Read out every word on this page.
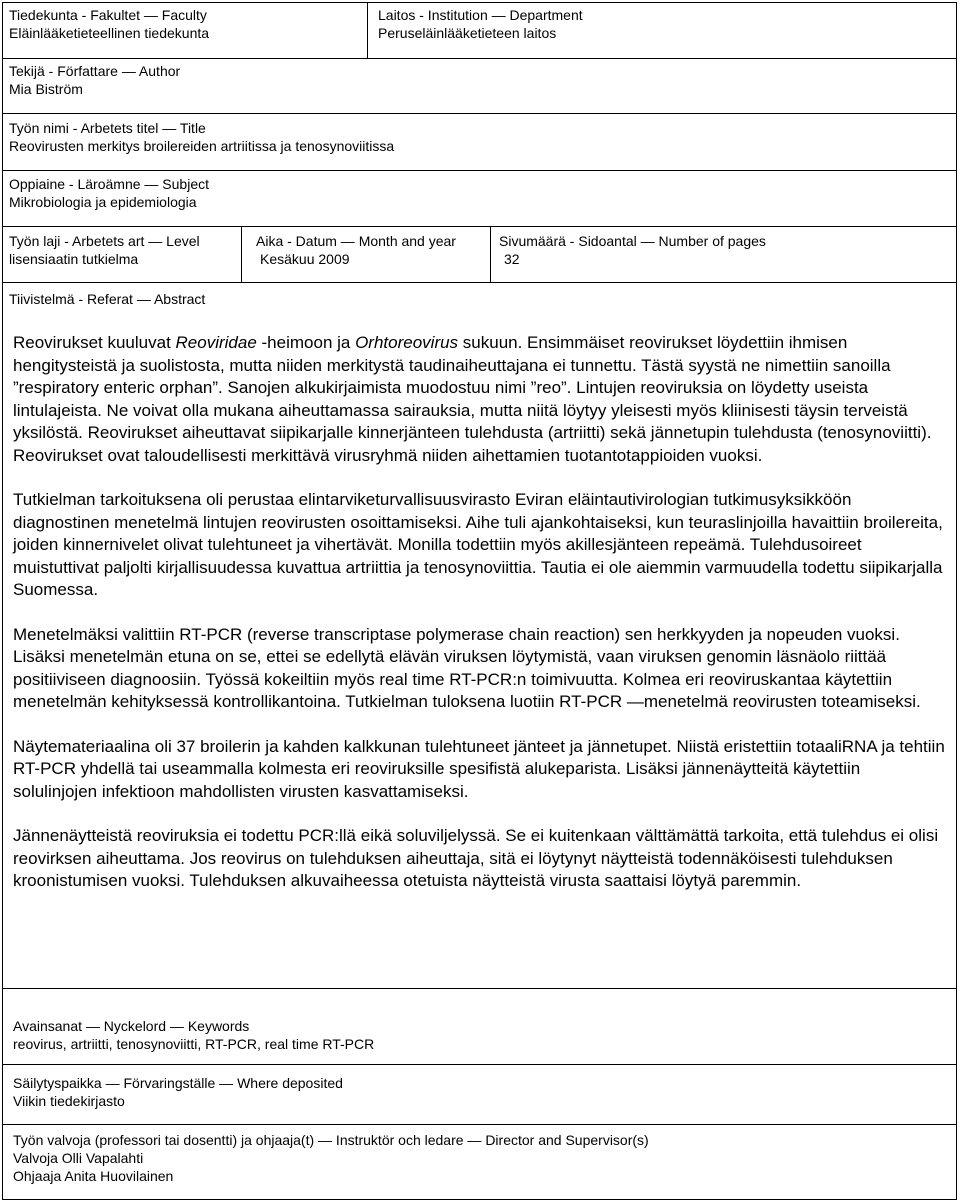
Tiedekunta - Fakultet — Faculty
Eläinlääketieteellinen tiedekunta
Laitos - Institution — Department
Peruseläinlääketieteen laitos
Tekijä - Författare — Author
Mia Biström
Työn nimi - Arbetets titel — Title
Reovirusten merkitys broilereiden artriitissa ja tenosynoviitissa
Oppiaine - Läroämne — Subject
Mikrobiologia ja epidemiologia
Työn laji - Arbetets art — Level
lisensiaatin tutkielma
Aika - Datum — Month and year
Kesäkuu 2009
Sivumäärä - Sidoantal — Number of pages
32
Tiivistelmä - Referat — Abstract

Reovirukset kuuluvat Reoviridae -heimoon ja Orhtoreovirus sukuun. Ensimmäiset reovirukset löydettiin ihmisen hengitysteistä ja suolistosta, mutta niiden merkitystä taudinaiheuttajana ei tunnettu. Tästä syystä ne nimettiin sanoilla ”respiratory enteric orphan”. Sanojen alkukirjaimista muodostuu nimi ”reo”. Lintujen reoviruksia on löydetty useista lintulajeista. Ne voivat olla mukana aiheuttamassa sairauksia, mutta niitä löytyy yleisesti myös kliinisesti täysin terveistä yksilöstä. Reovirukset aiheuttavat siipikarjalle kinnerjänteen tulehdusta (artriitti) sekä jännetupin tulehdusta (tenosynoviitti). Reovirukset ovat taloudellisesti merkittävä virusryhmä niiden aihettamien tuotantotappioiden vuoksi.

Tutkielman tarkoituksena oli perustaa elintarviketurvallisuusvirasto Eviran eläintautivirologian tutkimusyksikköön diagnostinen menetelmä lintujen reovirusten osoittamiseksi. Aihe tuli ajankohtaiseksi, kun teuraslinjoilla havaittiin broilereita, joiden kinnernivelet olivat tulehtuneet ja vihertävät. Monilla todettiin myös akillesjänteen repeämä. Tulehdusoireet muistuttivat paljolti kirjallisuudessa kuvattua artriittia ja tenosynoviittia. Tautia ei ole aiemmin varmuudella todettu siipikarjalla Suomessa.

Menetelmäksi valittiin RT-PCR (reverse transcriptase polymerase chain reaction) sen herkkyyden ja nopeuden vuoksi. Lisäksi menetelmän etuna on se, ettei se edellytä elävän viruksen löytymistä, vaan viruksen genomin läsnäolo riittää positiiviseen diagnoosiin. Työssä kokeiltiin myös real time RT-PCR:n toimivuutta. Kolmea eri reoviruskantaa käytettiin menetelmän kehityksessä kontrollikantoina. Tutkielman tuloksena luotiin RT-PCR —menetelmä reovirusten toteamiseksi.

Näytemateriaalina oli 37 broilerin ja kahden kalkkunan tulehtuneet jänteet ja jännetupet. Niistä eristettiin totaaliRNA ja tehtiin RT-PCR yhdellä tai useammalla kolmesta eri reoviruksille spesifistä alukeparista. Lisäksi jännenäytteitä käytettiin solulinjojen infektioon mahdollisten virusten kasvattamiseksi.

Jännenäytteistä reoviruksia ei todettu PCR:llä eikä soluviljelyssä. Se ei kuitenkaan välttämättä tarkoita, että tulehdus ei olisi reovirksen aiheuttama. Jos reovirus on tulehduksen aiheuttaja, sitä ei löytynyt näytteistä todennäköisesti tulehduksen kroonistumisen vuoksi. Tulehduksen alkuvaiheessa otetuista näytteistä virusta saattaisi löytyä paremmin.

Avainsanat — Nyckelord — Keywords
reovirus, artriitti, tenosynoviitti, RT-PCR, real time RT-PCR
Säilytyspaikka — Förvaringställe — Where deposited
Viikin tiedekirjasto
Työn valvoja (professori tai dosentti) ja ohjaaja(t) — Instruktör och ledare — Director and Supervisor(s)
Valvoja Olli Vapalahti
Ohjaaja Anita Huovilainen
